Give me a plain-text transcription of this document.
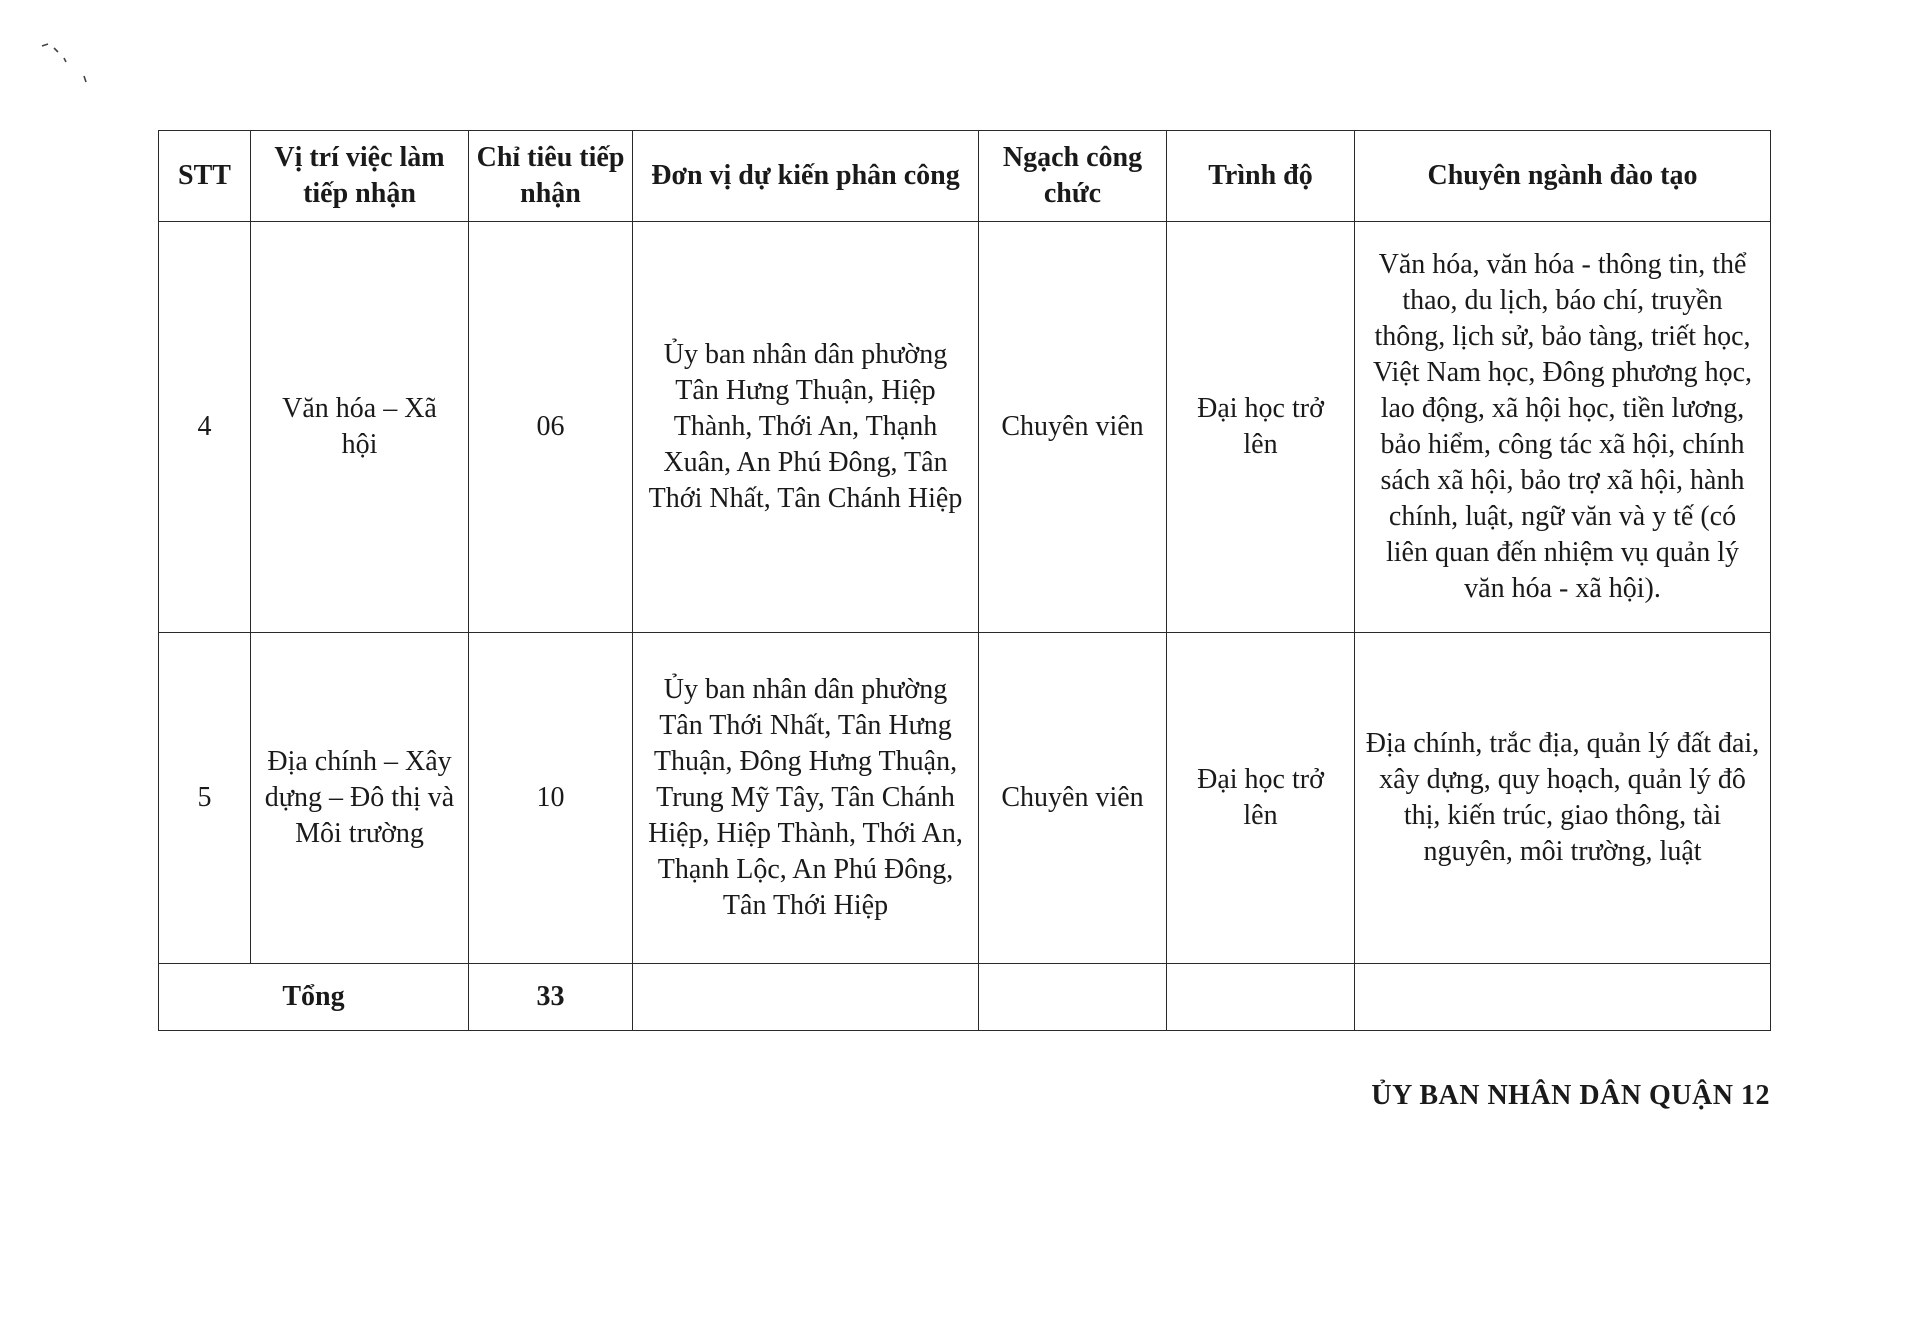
STT	Vị trí việc làm tiếp nhận	Chỉ tiêu tiếp nhận	Đơn vị dự kiến phân công	Ngạch công chức	Trình độ	Chuyên ngành đào tạo
4	Văn hóa – Xã hội	06	Ủy ban nhân dân phường Tân Hưng Thuận, Hiệp Thành, Thới An, Thạnh Xuân, An Phú Đông, Tân Thới Nhất, Tân Chánh Hiệp	Chuyên viên	Đại học trở lên	Văn hóa, văn hóa - thông tin, thể thao, du lịch, báo chí, truyền thông, lịch sử, bảo tàng, triết học, Việt Nam học, Đông phương học, lao động, xã hội học, tiền lương, bảo hiểm, công tác xã hội, chính sách xã hội, bảo trợ xã hội, hành chính, luật, ngữ văn và y tế (có liên quan đến nhiệm vụ quản lý văn hóa - xã hội).
5	Địa chính – Xây dựng – Đô thị và Môi trường	10	Ủy ban nhân dân phường Tân Thới Nhất, Tân Hưng Thuận, Đông Hưng Thuận, Trung Mỹ Tây, Tân Chánh Hiệp, Hiệp Thành, Thới An, Thạnh Lộc, An Phú Đông, Tân Thới Hiệp	Chuyên viên	Đại học trở lên	Địa chính, trắc địa, quản lý đất đai, xây dựng, quy hoạch, quản lý đô thị, kiến trúc, giao thông, tài nguyên, môi trường, luật
Tổng		33				
ỦY BAN NHÂN DÂN QUẬN 12
